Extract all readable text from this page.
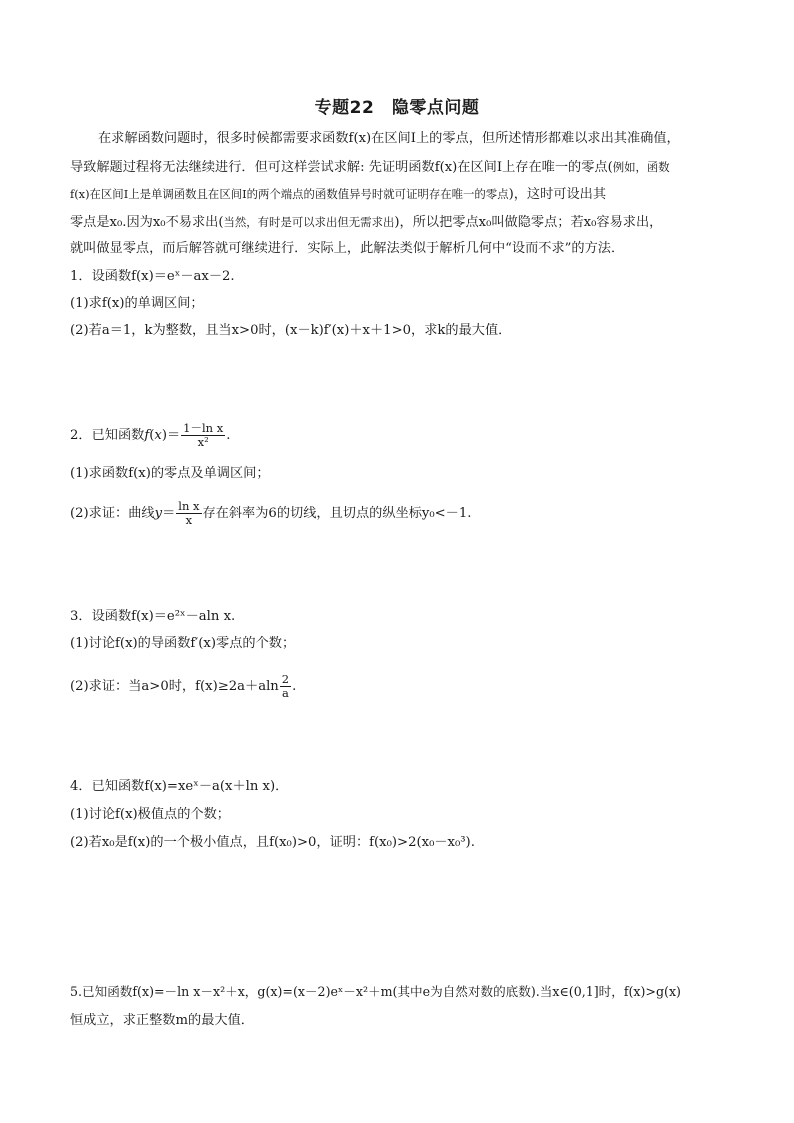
专题22　隐零点问题
在求解函数问题时，很多时候都需要求函数f(x)在区间I上的零点，但所述情形都难以求出其准确值，
导致解题过程将无法继续进行．但可这样尝试求解: 先证明函数f(x)在区间I上存在唯一的零点(例如，函数
f(x)在区间I上是单调函数且在区间I的两个端点的函数值异号时就可证明存在唯一的零点)，这时可设出其
零点是x₀.因为x₀不易求出(当然，有时是可以求出但无需求出)，所以把零点x₀叫做隐零点；若x₀容易求出，
就叫做显零点，而后解答就可继续进行．实际上，此解法类似于解析几何中“设而不求”的方法．
1．设函数f(x)＝eˣ－ax－2.
(1)求f(x)的单调区间；
(2)若a＝1，k为整数，且当x>0时，(x－k)f′(x)＋x＋1>0，求k的最大值．
2．已知函数$f(x)= \frac{\text{1－ln x}}{\text{x²}}$ .
(1)求函数f(x)的零点及单调区间；
(2)求证：曲线$y= \frac{\text{ln x}}{x}$ 存在斜率为6的切线，且切点的纵坐标y₀<－1.
3．设函数f(x)＝e²ˣ－aln x.
(1)讨论f(x)的导函数f′(x)零点的个数；
(2)求证：当a>0时，$f(x)\ge 2a+aln \frac{2}{a}$ .
4．已知函数f(x)=xeˣ－a(x＋ln x)．
(1)讨论f(x)极值点的个数；
(2)若x₀是f(x)的一个极小值点，且f(x₀)>0，证明：f(x₀)>2(x₀－x₀³).
5.已知函数f(x)=－ln x－x²＋x，g(x)=(x－2)eˣ－x²＋m(其中e为自然对数的底数).当x∈(0,1]时，f(x)>g(x)
恒成立，求正整数m的最大值．
